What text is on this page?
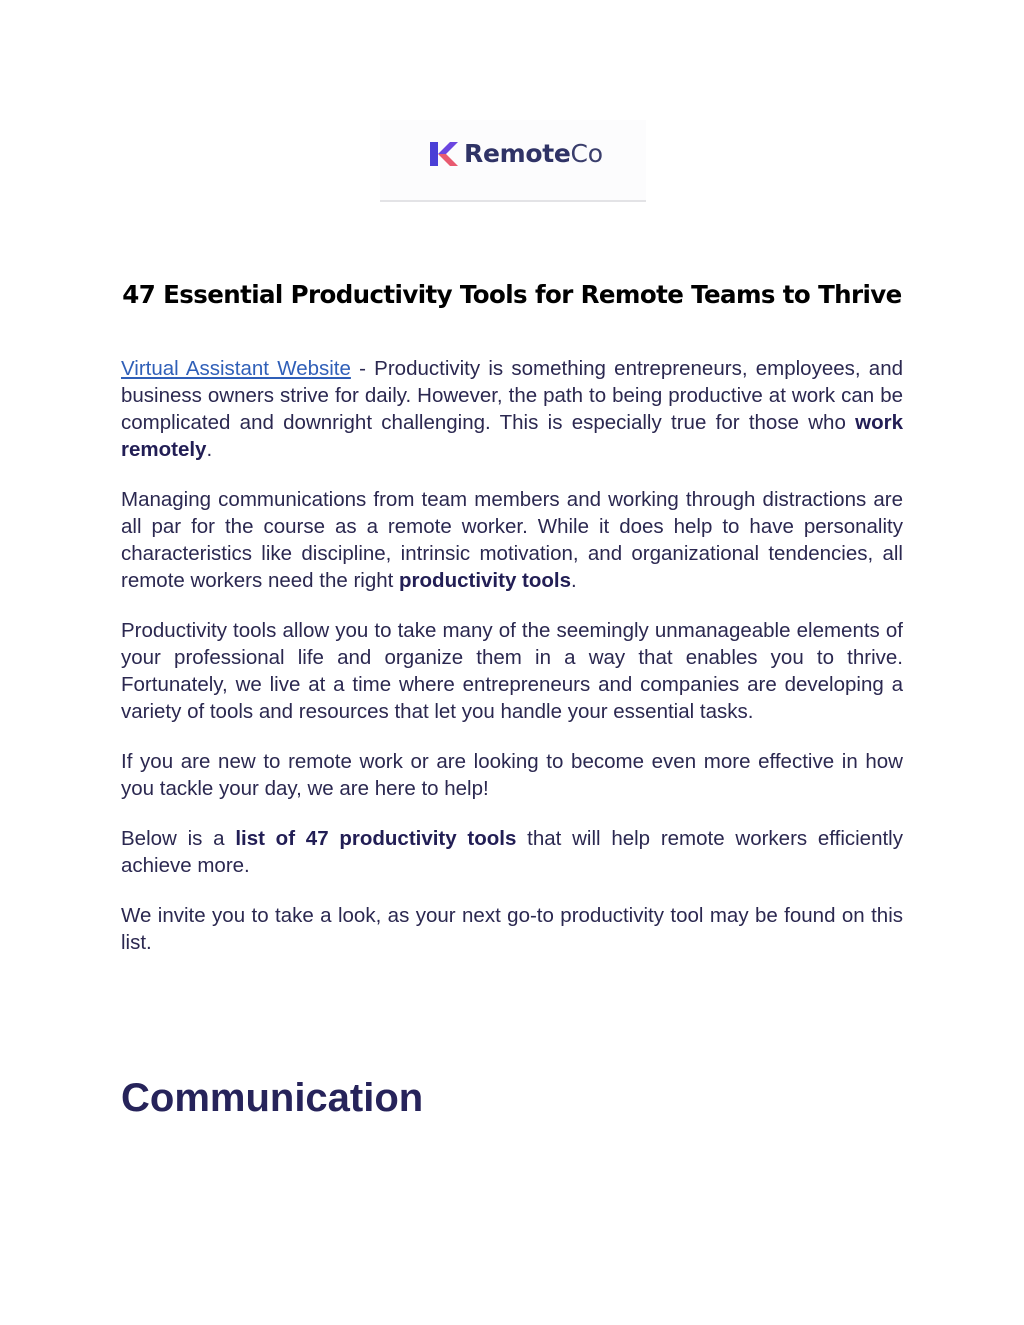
RemoteCo
47 Essential Productivity Tools for Remote Teams to Thrive

Virtual Assistant Website - Productivity is something entrepreneurs, employees, and business owners strive for daily. However, the path to being productive at work can be complicated and downright challenging. This is especially true for those who work remotely.

Managing communications from team members and working through distractions are all par for the course as a remote worker. While it does help to have personality characteristics like discipline, intrinsic motivation, and organizational tendencies, all remote workers need the right productivity tools.

Productivity tools allow you to take many of the seemingly unmanageable elements of your professional life and organize them in a way that enables you to thrive. Fortunately, we live at a time where entrepreneurs and companies are developing a variety of tools and resources that let you handle your essential tasks.

If you are new to remote work or are looking to become even more effective in how you tackle your day, we are here to help!

Below is a list of 47 productivity tools that will help remote workers efficiently achieve more.

We invite you to take a look, as your next go-to productivity tool may be found on this list.

Communication
